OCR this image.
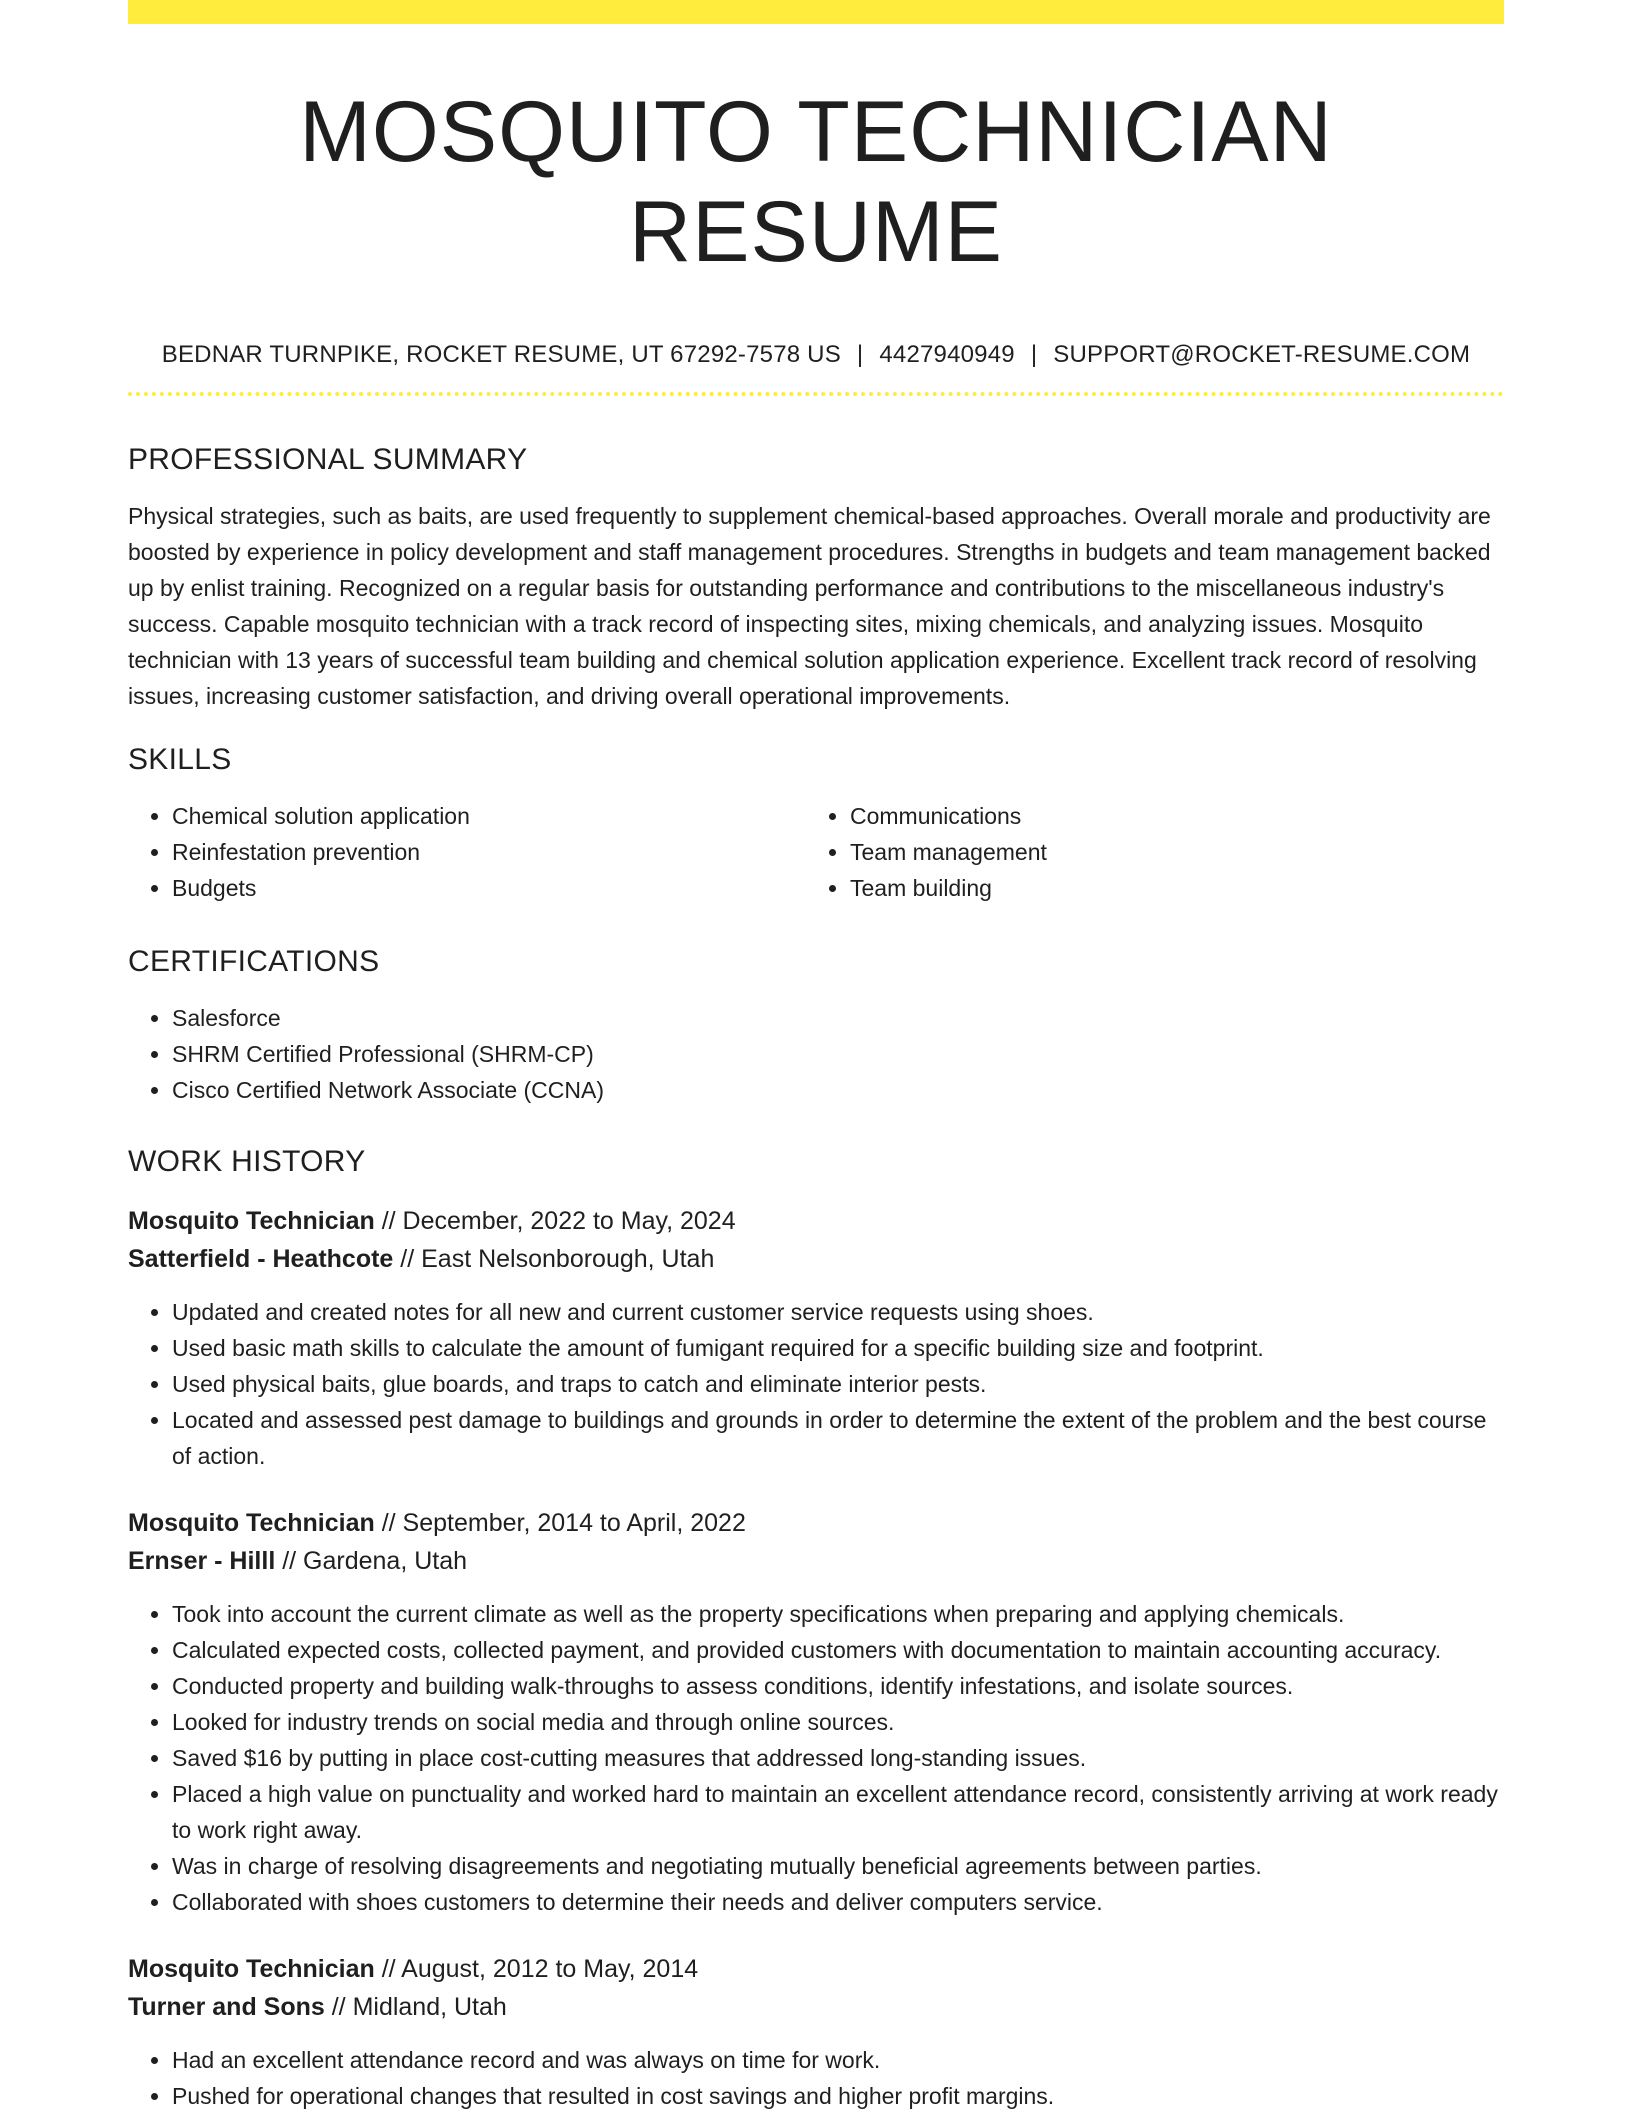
MOSQUITO TECHNICIAN RESUME
BEDNAR TURNPIKE, ROCKET RESUME, UT 67292-7578 US | 4427940949 | SUPPORT@ROCKET-RESUME.COM
PROFESSIONAL SUMMARY

Physical strategies, such as baits, are used frequently to supplement chemical-based approaches. Overall morale and productivity are boosted by experience in policy development and staff management procedures. Strengths in budgets and team management backed up by enlist training. Recognized on a regular basis for outstanding performance and contributions to the miscellaneous industry's success. Capable mosquito technician with a track record of inspecting sites, mixing chemicals, and analyzing issues. Mosquito technician with 13 years of successful team building and chemical solution application experience. Excellent track record of resolving issues, increasing customer satisfaction, and driving overall operational improvements.

SKILLS
• Chemical solution application
• Reinfestation prevention
• Budgets
• Communications
• Team management
• Team building
CERTIFICATIONS
• Salesforce
• SHRM Certified Professional (SHRM-CP)
• Cisco Certified Network Associate (CCNA)
WORK HISTORY
Mosquito Technician // December, 2022 to May, 2024
Satterfield - Heathcote // East Nelsonborough, Utah
• Updated and created notes for all new and current customer service requests using shoes.
• Used basic math skills to calculate the amount of fumigant required for a specific building size and footprint.
• Used physical baits, glue boards, and traps to catch and eliminate interior pests.
• Located and assessed pest damage to buildings and grounds in order to determine the extent of the problem and the best course of action.
Mosquito Technician // September, 2014 to April, 2022
Ernser - Hilll // Gardena, Utah
• Took into account the current climate as well as the property specifications when preparing and applying chemicals.
• Calculated expected costs, collected payment, and provided customers with documentation to maintain accounting accuracy.
• Conducted property and building walk-throughs to assess conditions, identify infestations, and isolate sources.
• Looked for industry trends on social media and through online sources.
• Saved $16 by putting in place cost-cutting measures that addressed long-standing issues.
• Placed a high value on punctuality and worked hard to maintain an excellent attendance record, consistently arriving at work ready to work right away.
• Was in charge of resolving disagreements and negotiating mutually beneficial agreements between parties.
• Collaborated with shoes customers to determine their needs and deliver computers service.
Mosquito Technician // August, 2012 to May, 2014
Turner and Sons // Midland, Utah
• Had an excellent attendance record and was always on time for work.
• Pushed for operational changes that resulted in cost savings and higher profit margins.
